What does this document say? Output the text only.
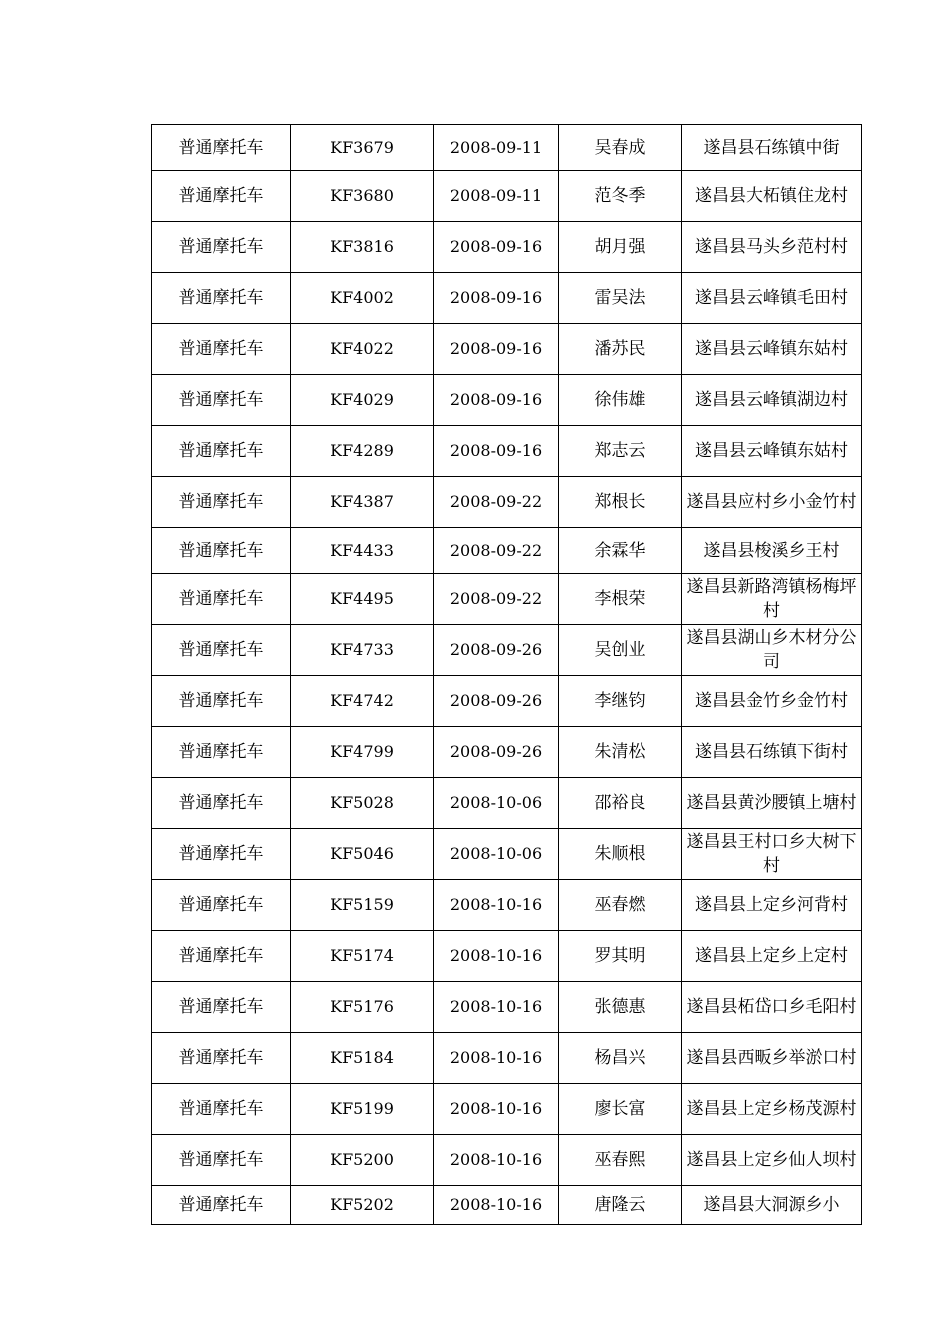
普通摩托车	KF3679	2008-09-11	吴春成	遂昌县石练镇中街
普通摩托车	KF3680	2008-09-11	范冬季	遂昌县大柘镇住龙村
普通摩托车	KF3816	2008-09-16	胡月强	遂昌县马头乡范村村
普通摩托车	KF4002	2008-09-16	雷吴法	遂昌县云峰镇毛田村
普通摩托车	KF4022	2008-09-16	潘苏民	遂昌县云峰镇东姑村
普通摩托车	KF4029	2008-09-16	徐伟雄	遂昌县云峰镇湖边村
普通摩托车	KF4289	2008-09-16	郑志云	遂昌县云峰镇东姑村
普通摩托车	KF4387	2008-09-22	郑根长	遂昌县应村乡小金竹村
普通摩托车	KF4433	2008-09-22	余霖华	遂昌县梭溪乡王村
普通摩托车	KF4495	2008-09-22	李根荣	遂昌县新路湾镇杨梅坪村
普通摩托车	KF4733	2008-09-26	吴创业	遂昌县湖山乡木材分公司
普通摩托车	KF4742	2008-09-26	李继钧	遂昌县金竹乡金竹村
普通摩托车	KF4799	2008-09-26	朱清松	遂昌县石练镇下街村
普通摩托车	KF5028	2008-10-06	邵裕良	遂昌县黄沙腰镇上塘村
普通摩托车	KF5046	2008-10-06	朱顺根	遂昌县王村口乡大树下村
普通摩托车	KF5159	2008-10-16	巫春燃	遂昌县上定乡河背村
普通摩托车	KF5174	2008-10-16	罗其明	遂昌县上定乡上定村
普通摩托车	KF5176	2008-10-16	张德惠	遂昌县柘岱口乡毛阳村
普通摩托车	KF5184	2008-10-16	杨昌兴	遂昌县西畈乡举淤口村
普通摩托车	KF5199	2008-10-16	廖长富	遂昌县上定乡杨茂源村
普通摩托车	KF5200	2008-10-16	巫春熙	遂昌县上定乡仙人坝村
普通摩托车	KF5202	2008-10-16	唐隆云	遂昌县大洞源乡小
